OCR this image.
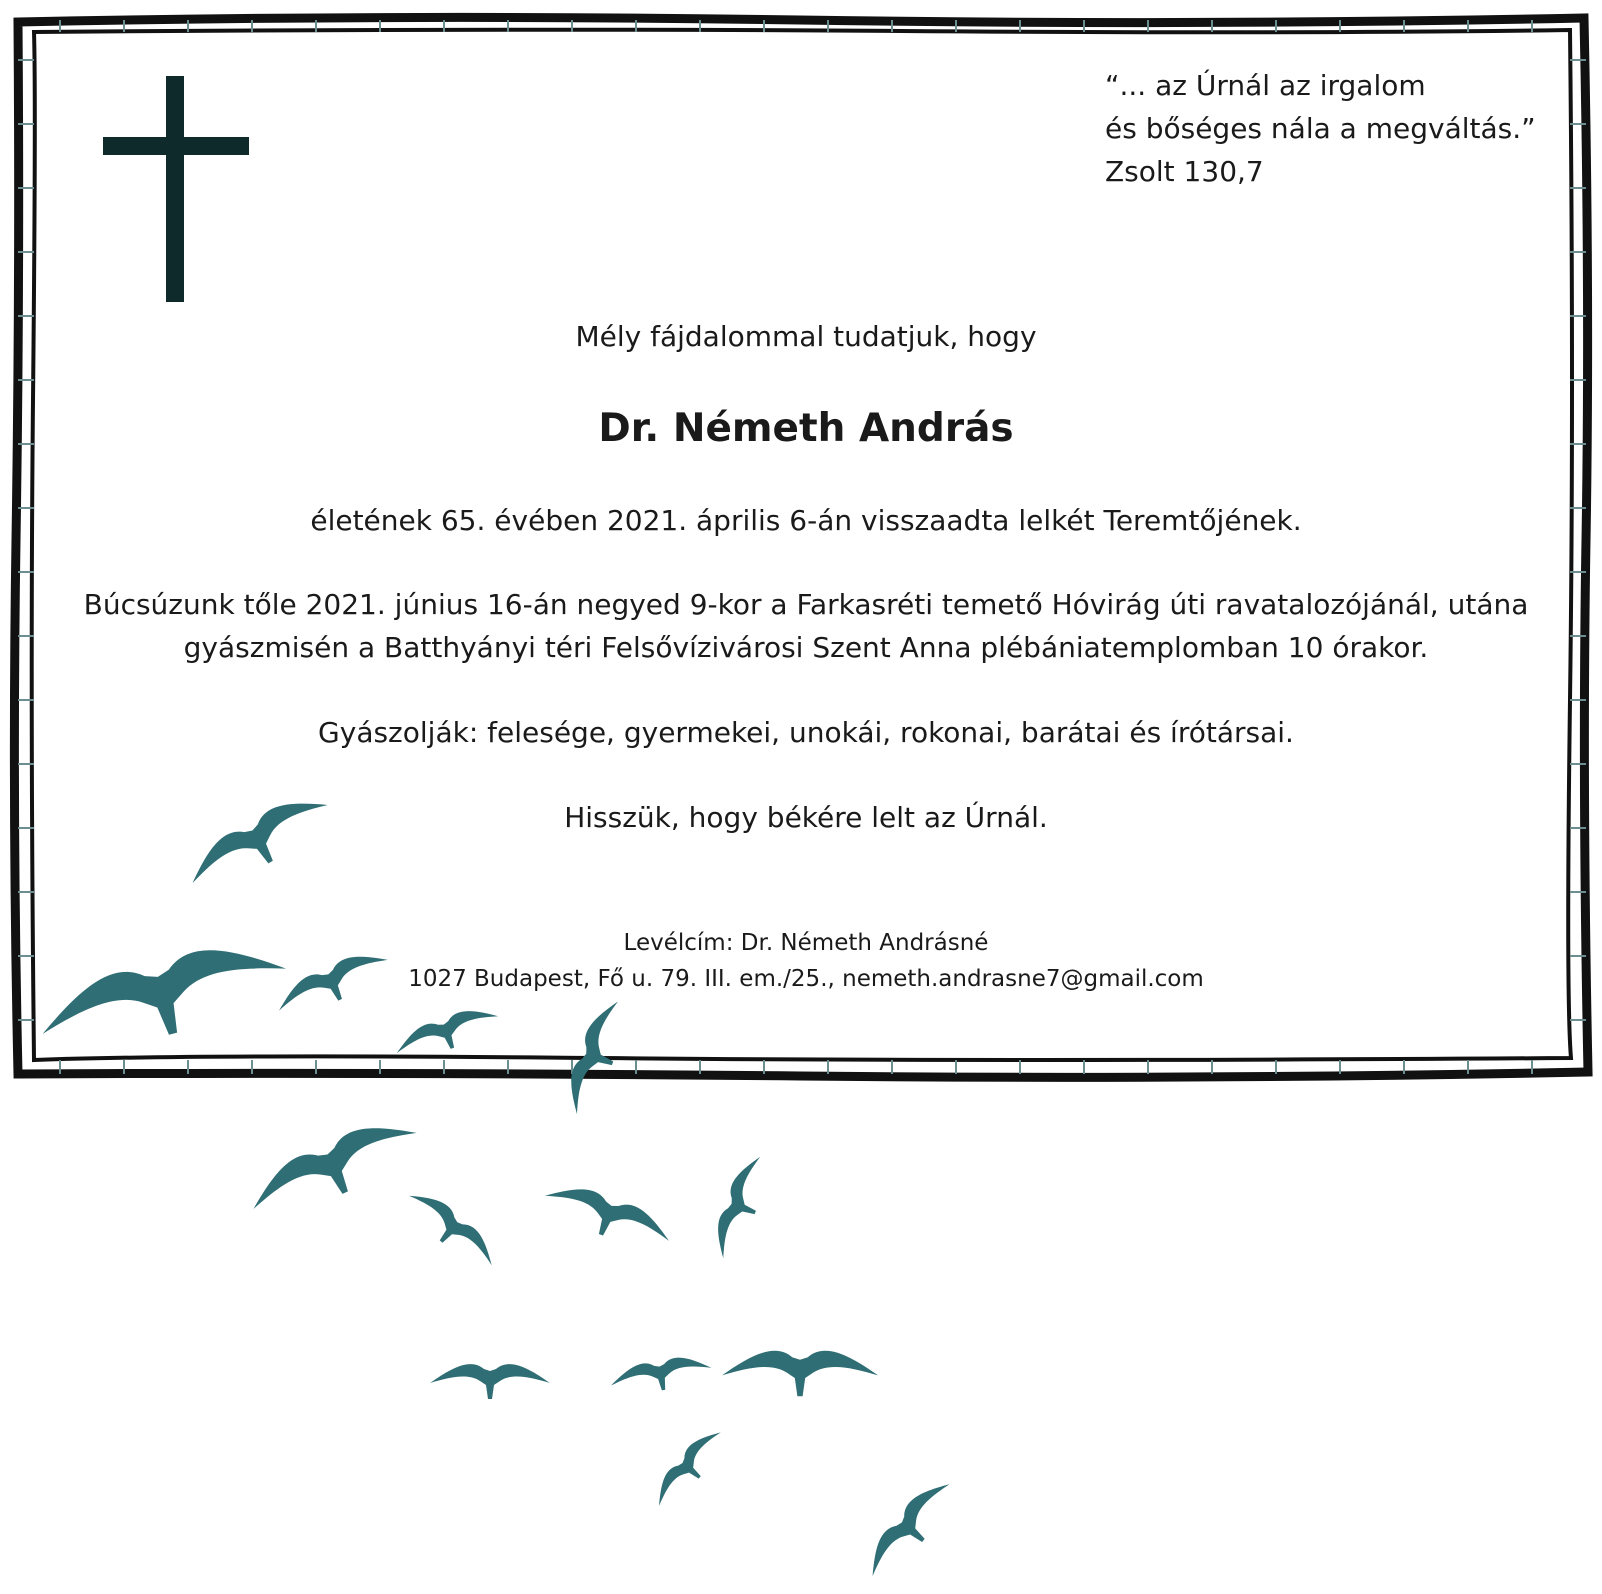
“... az Úrnál az irgalom
és bőséges nála a megváltás.”
Zsolt 130,7
Mély fájdalommal tudatjuk, hogy
Dr. Németh András
életének 65. évében 2021. április 6-án visszaadta lelkét Teremtőjének.
Búcsúzunk tőle 2021. június 16-án negyed 9-kor a Farkasréti temető Hóvirág úti ravatalozójánál, utána
gyászmisén a Batthyányi téri Felsővízivárosi Szent Anna plébániatemplomban 10 órakor.
Gyászolják: felesége, gyermekei, unokái, rokonai, barátai és írótársai.
Hisszük, hogy békére lelt az Úrnál.
Levélcím: Dr. Németh Andrásné
1027 Budapest, Fő u. 79. III. em./25., nemeth.andrasne7@gmail.com
